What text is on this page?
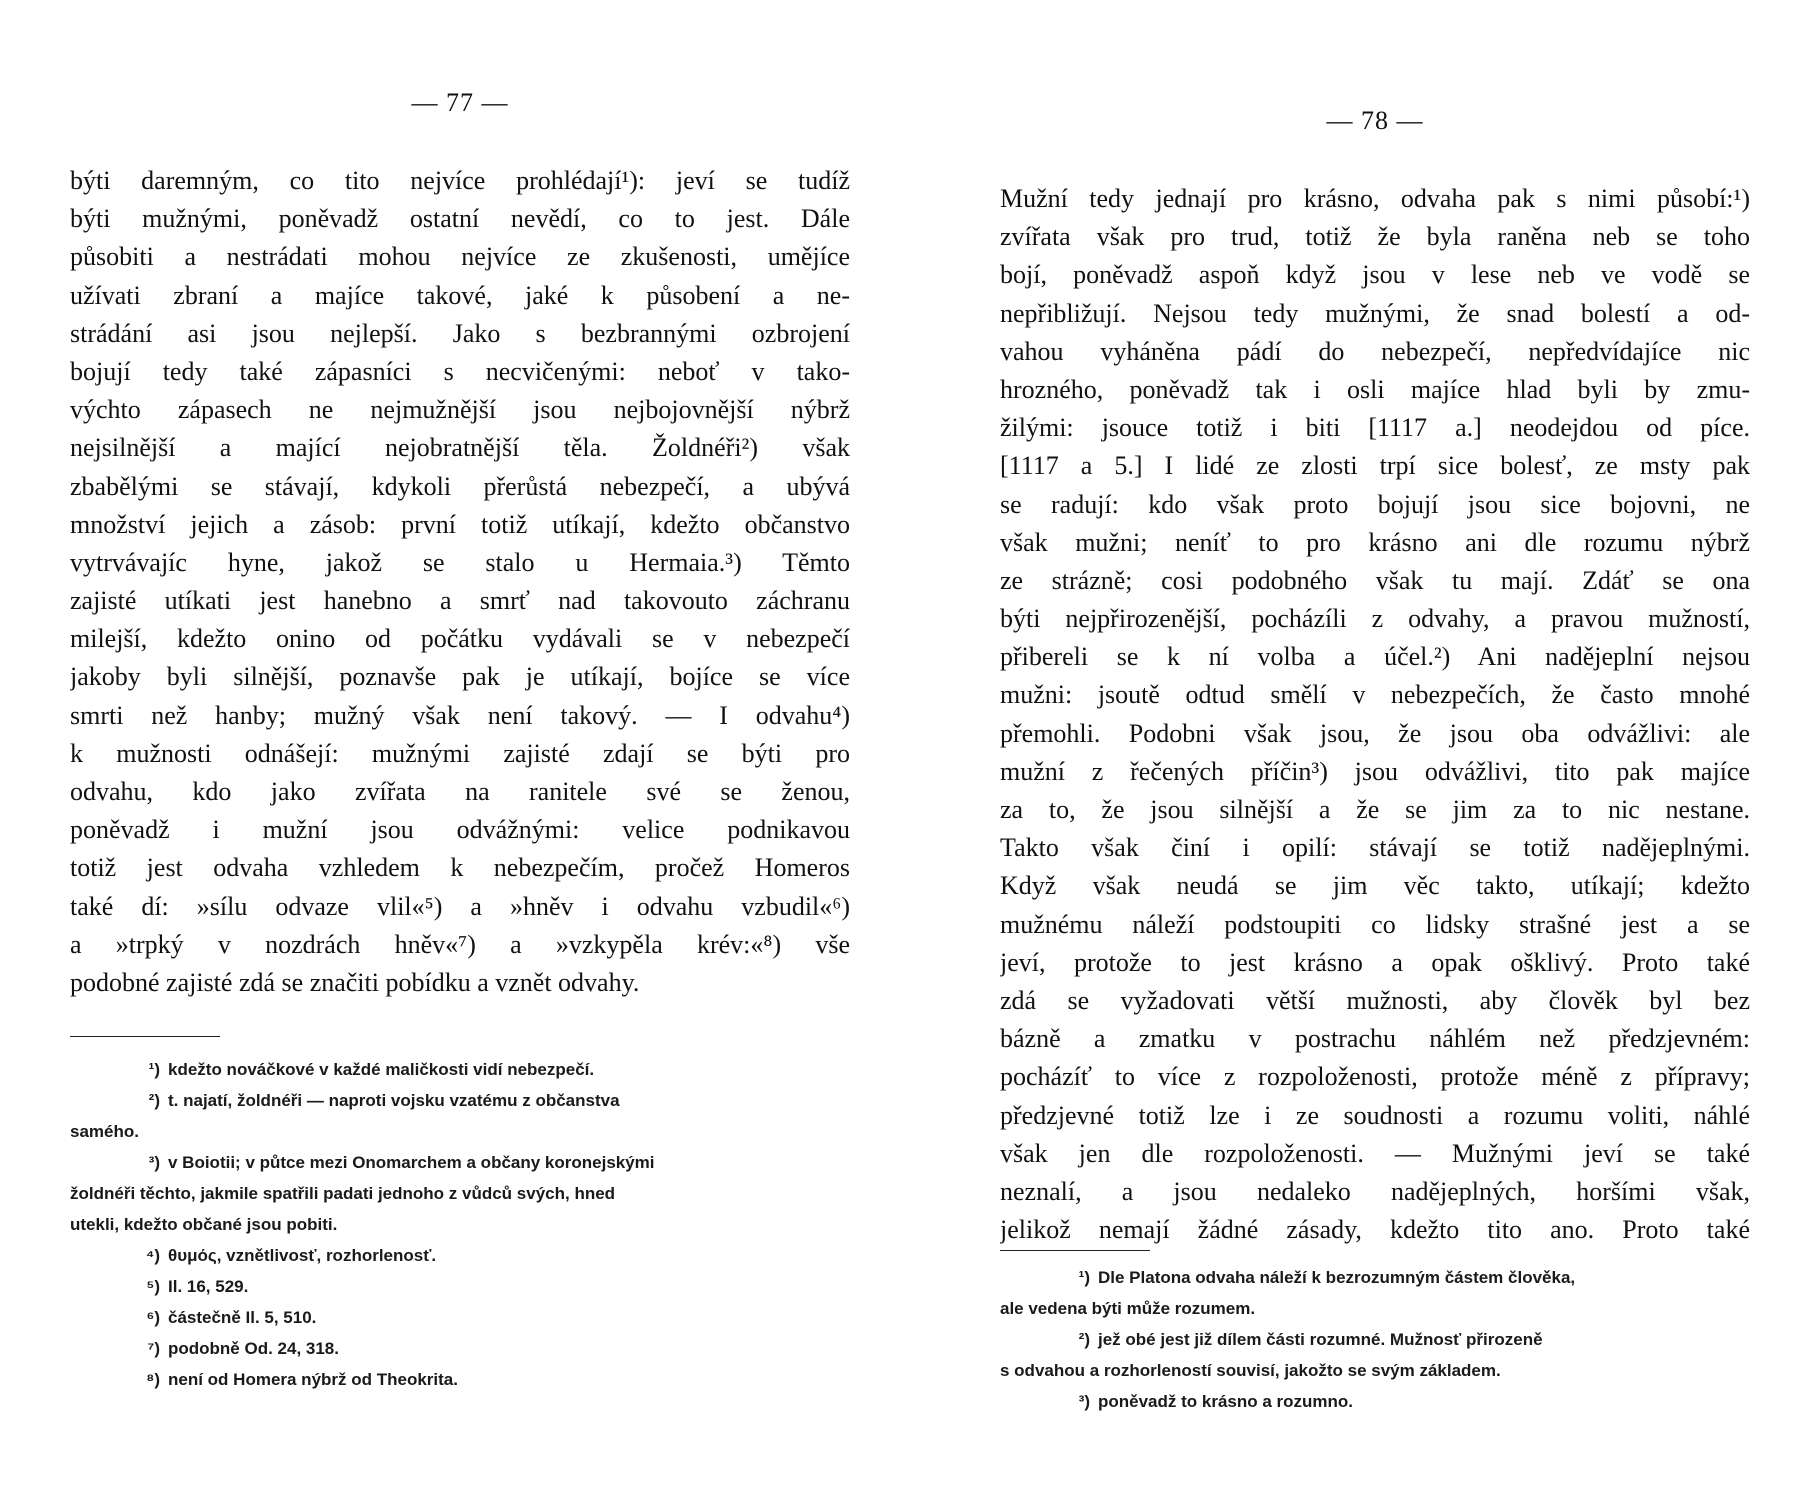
— 77 —
býti daremným, co tito nejvíce prohlédají¹): jeví se tudíž
býti mužnými, poněvadž ostatní nevědí, co to jest. Dále
působiti a nestrádati mohou nejvíce ze zkušenosti, umějíce
užívati zbraní a majíce takové, jaké k působení a ne-
strádání asi jsou nejlepší. Jako s bezbrannými ozbrojení
bojují tedy také zápasníci s necvičenými: neboť v tako-
výchto zápasech ne nejmužnější jsou nejbojovnější nýbrž
nejsilnější a mající nejobratnější těla. Žoldnéři²) však
zbabělými se stávají, kdykoli přerůstá nebezpečí, a ubývá
množství jejich a zásob: první totiž utíkají, kdežto občanstvo
vytrvávajíc hyne, jakož se stalo u Hermaia.³) Těmto
zajisté utíkati jest hanebno a smrť nad takovouto záchranu
milejší, kdežto onino od počátku vydávali se v nebezpečí
jakoby byli silnější, poznavše pak je utíkají, bojíce se více
smrti než hanby; mužný však není takový. — I odvahu⁴)
k mužnosti odnášejí: mužnými zajisté zdají se býti pro
odvahu, kdo jako zvířata na ranitele své se ženou,
poněvadž i mužní jsou odvážnými: velice podnikavou
totiž jest odvaha vzhledem k nebezpečím, pročež Homeros
také dí: »sílu odvaze vlil«⁵) a »hněv i odvahu vzbudil«⁶)
a »trpký v nozdrách hněv«⁷) a »vzkypěla krév:«⁸) vše
podobné zajisté zdá se značiti pobídku a vznět odvahy.
¹) kdežto nováčkové v každé maličkosti vidí nebezpečí.
²) t. najatí, žoldnéři — naproti vojsku vzatému z občanstva
samého.
³) v Boiotii; v půtce mezi Onomarchem a občany koronejskými
žoldnéři těchto, jakmile spatřili padati jednoho z vůdců svých, hned
utekli, kdežto občané jsou pobiti.
⁴) θυμός, vznětlivosť, rozhorlenosť.
⁵) Il. 16, 529.
⁶) částečně Il. 5, 510.
⁷) podobně Od. 24, 318.
⁸) není od Homera nýbrž od Theokrita.
— 78 —
Mužní tedy jednají pro krásno, odvaha pak s nimi působí:¹)
zvířata však pro trud, totiž že byla raněna neb se toho
bojí, poněvadž aspoň když jsou v lese neb ve vodě se
nepřibližují. Nejsou tedy mužnými, že snad bolestí a od-
vahou vyháněna pádí do nebezpečí, nepředvídajíce nic
hrozného, poněvadž tak i osli majíce hlad byli by zmu-
žilými: jsouce totiž i biti [1117 a.] neodejdou od píce.
[1117 a 5.] I lidé ze zlosti trpí sice bolesť, ze msty pak
se radují: kdo však proto bojují jsou sice bojovni, ne
však mužni; neníť to pro krásno ani dle rozumu nýbrž
ze strázně; cosi podobného však tu mají. Zdáť se ona
býti nejpřirozenější, pocházíli z odvahy, a pravou mužností,
přibereli se k ní volba a účel.²) Ani nadějeplní nejsou
mužni: jsoutě odtud smělí v nebezpečích, že často mnohé
přemohli. Podobni však jsou, že jsou oba odvážlivi: ale
mužní z řečených příčin³) jsou odvážlivi, tito pak majíce
za to, že jsou silnější a že se jim za to nic nestane.
Takto však činí i opilí: stávají se totiž nadějeplnými.
Když však neudá se jim věc takto, utíkají; kdežto
mužnému náleží podstoupiti co lidsky strašné jest a se
jeví, protože to jest krásno a opak ošklivý. Proto také
zdá se vyžadovati větší mužnosti, aby člověk byl bez
bázně a zmatku v postrachu náhlém než předzjevném:
pocházíť to více z rozpoloženosti, protože méně z přípravy;
předzjevné totiž lze i ze soudnosti a rozumu voliti, náhlé
však jen dle rozpoloženosti. — Mužnými jeví se také
neznalí, a jsou nedaleko nadějeplných, horšími však,
jelikož nemají žádné zásady, kdežto tito ano. Proto také
¹) Dle Platona odvaha náleží k bezrozumným částem člověka,
ale vedena býti může rozumem.
²) jež obé jest již dílem části rozumné. Mužnosť přirozeně
s odvahou a rozhorleností souvisí, jakožto se svým základem.
³) poněvadž to krásno a rozumno.
